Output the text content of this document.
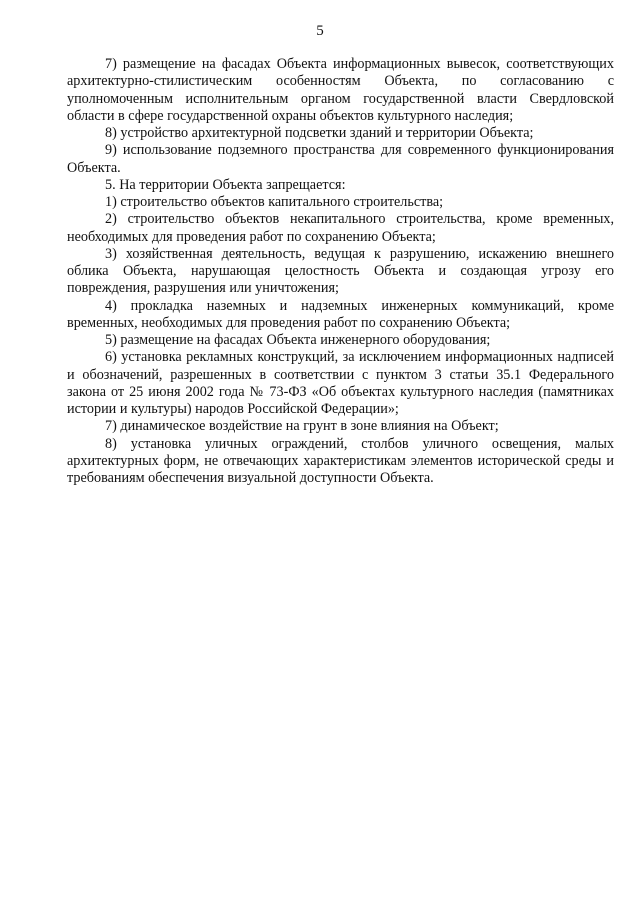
5

7) размещение на фасадах Объекта информационных вывесок, соответствующих архитектурно-стилистическим особенностям Объекта, по согласованию с уполномоченным исполнительным органом государственной власти Свердловской области в сфере государственной охраны объектов культурного наследия;

8) устройство архитектурной подсветки зданий и территории Объекта;

9) использование подземного пространства для современного функционирования Объекта.

5. На территории Объекта запрещается:

1) строительство объектов капитального строительства;

2) строительство объектов некапитального строительства, кроме временных, необходимых для проведения работ по сохранению Объекта;

3) хозяйственная деятельность, ведущая к разрушению, искажению внешнего облика Объекта, нарушающая целостность Объекта и создающая угрозу его повреждения, разрушения или уничтожения;

4) прокладка наземных и надземных инженерных коммуникаций, кроме временных, необходимых для проведения работ по сохранению Объекта;

5) размещение на фасадах Объекта инженерного оборудования;

6) установка рекламных конструкций, за исключением информационных надписей и обозначений, разрешенных в соответствии с пунктом 3 статьи 35.1 Федерального закона от 25 июня 2002 года № 73-ФЗ «Об объектах культурного наследия (памятниках истории и культуры) народов Российской Федерации»;

7) динамическое воздействие на грунт в зоне влияния на Объект;

8) установка уличных ограждений, столбов уличного освещения, малых архитектурных форм, не отвечающих характеристикам элементов исторической среды и требованиям обеспечения визуальной доступности Объекта.
